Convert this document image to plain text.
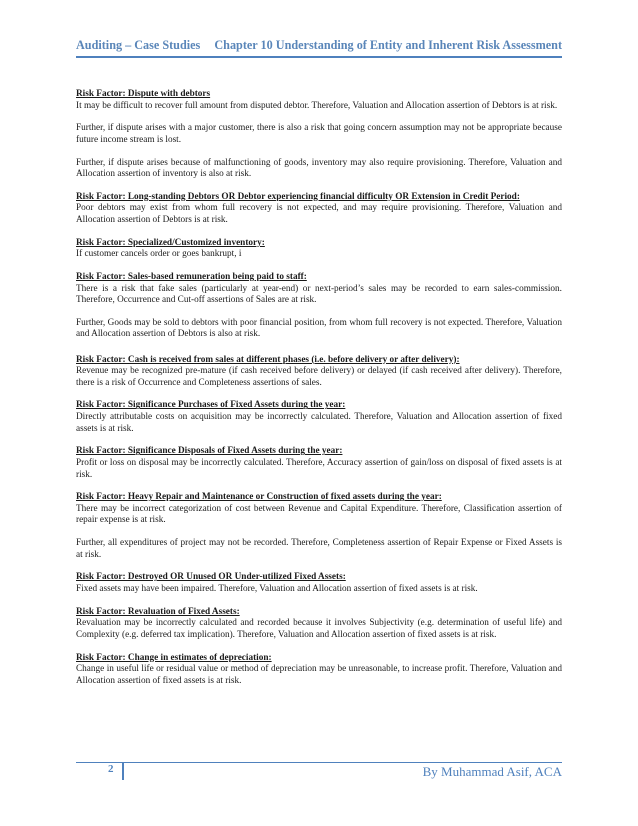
Auditing – Case Studies Chapter 10 Understanding of Entity and Inherent Risk Assessment
Risk Factor: Dispute with debtors
It may be difficult to recover full amount from disputed debtor. Therefore, Valuation and Allocation assertion of Debtors is at risk.
Further, if dispute arises with a major customer, there is also a risk that going concern assumption may not be appropriate because future income stream is lost.
Further, if dispute arises because of malfunctioning of goods, inventory may also require provisioning. Therefore, Valuation and Allocation assertion of inventory is also at risk.
Risk Factor: Long-standing Debtors OR Debtor experiencing financial difficulty OR Extension in Credit Period:
Poor debtors may exist from whom full recovery is not expected, and may require provisioning. Therefore, Valuation and Allocation assertion of Debtors is at risk.
Risk Factor: Specialized/Customized inventory:
If customer cancels order or goes bankrupt, i
Risk Factor: Sales-based remuneration being paid to staff:
There is a risk that fake sales (particularly at year-end) or next-period’s sales may be recorded to earn sales-commission. Therefore, Occurrence and Cut-off assertions of Sales are at risk.
Further, Goods may be sold to debtors with poor financial position, from whom full recovery is not expected. Therefore, Valuation and Allocation assertion of Debtors is also at risk.
Risk Factor: Cash is received from sales at different phases (i.e. before delivery or after delivery):
Revenue may be recognized pre-mature (if cash received before delivery) or delayed (if cash received after delivery). Therefore, there is a risk of Occurrence and Completeness assertions of sales.
Risk Factor: Significance Purchases of Fixed Assets during the year:
Directly attributable costs on acquisition may be incorrectly calculated. Therefore, Valuation and Allocation assertion of fixed assets is at risk.
Risk Factor: Significance Disposals of Fixed Assets during the year:
Profit or loss on disposal may be incorrectly calculated. Therefore, Accuracy assertion of gain/loss on disposal of fixed assets is at risk.
Risk Factor: Heavy Repair and Maintenance or Construction of fixed assets during the year:
There may be incorrect categorization of cost between Revenue and Capital Expenditure. Therefore, Classification assertion of repair expense is at risk.
Further, all expenditures of project may not be recorded. Therefore, Completeness assertion of Repair Expense or Fixed Assets is at risk.
Risk Factor: Destroyed OR Unused OR Under-utilized Fixed Assets:
Fixed assets may have been impaired. Therefore, Valuation and Allocation assertion of fixed assets is at risk.
Risk Factor: Revaluation of Fixed Assets:
Revaluation may be incorrectly calculated and recorded because it involves Subjectivity (e.g. determination of useful life) and Complexity (e.g. deferred tax implication). Therefore, Valuation and Allocation assertion of fixed assets is at risk.
Risk Factor: Change in estimates of depreciation:
Change in useful life or residual value or method of depreciation may be unreasonable, to increase profit. Therefore, Valuation and Allocation assertion of fixed assets is at risk.
2	By Muhammad Asif, ACA
